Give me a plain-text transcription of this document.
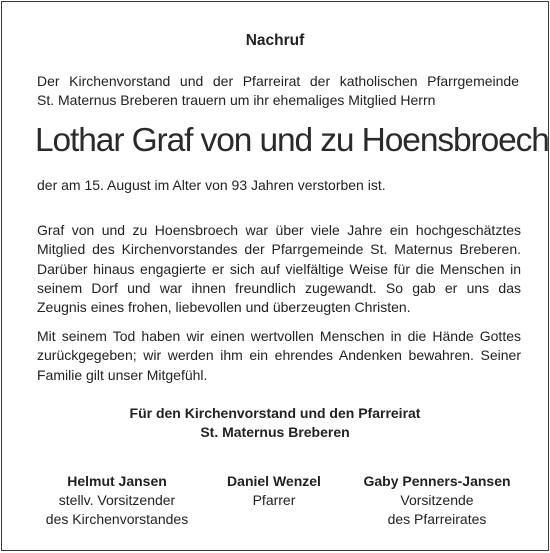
Nachruf
Der Kirchenvorstand und der Pfarreirat der katholischen Pfarrgemeinde
St. Maternus Breberen trauern um ihr ehemaliges Mitglied Herrn
Lothar Graf von und zu Hoensbroech
der am 15. August im Alter von 93 Jahren verstorben ist.

Graf von und zu Hoensbroech war über viele Jahre ein hochgeschätztes
Mitglied des Kirchenvorstandes der Pfarrgemeinde St. Maternus Breberen.
Darüber hinaus engagierte er sich auf vielfältige Weise für die Menschen in
seinem Dorf und war ihnen freundlich zugewandt. So gab er uns das
Zeugnis eines frohen, liebevollen und überzeugten Christen.

Mit seinem Tod haben wir einen wertvollen Menschen in die Hände Gottes
zurückgegeben; wir werden ihm ein ehrendes Andenken bewahren. Seiner
Familie gilt unser Mitgefühl.

Für den Kirchenvorstand und den Pfarreirat
St. Maternus Breberen
Helmut Jansen
stellv. Vorsitzender
des Kirchenvorstandes
Daniel Wenzel
Pfarrer
Gaby Penners-Jansen
Vorsitzende
des Pfarreirates
